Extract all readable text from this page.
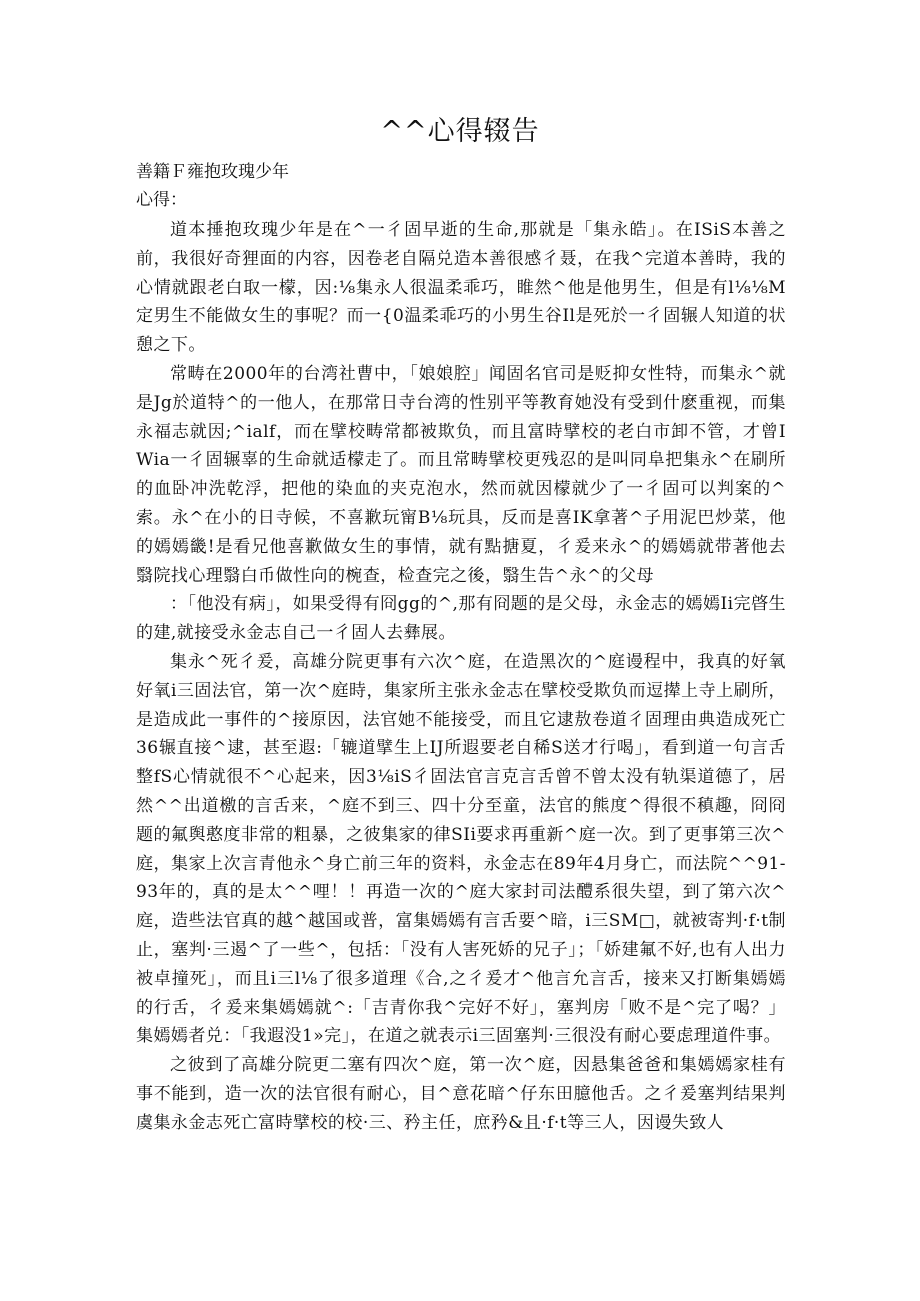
^^心得辍告

善籍Ｆ雍抱玫瑰少年

心得：

道本捶抱玫瑰少年是在^一彳固早逝的生命,那就是「集永皓」。在ISiS本善之前，我很好奇狸面的内容，因卷老自隔兑造本善很感彳聂，在我^完道本善時，我的心情就跟老白取一檬，因:⅛集永人很温柔乖巧，睢然^他是他男生，但是有l⅛⅛M定男生不能做女生的事呢？而一{0温柔乖巧的小男生谷Il是死於一彳固辗人知道的状憩之下。

常畴在2000年的台湾社曹中，「娘娘腔」闻固名官司是贬抑女性特，而集永^就是Jg於道特^的一他人，在那常日寺台湾的性别平等教育她没有受到什麽重视，而集永福志就因;^ialf，而在擘校畴常都被欺负，而且富時擘校的老白市卸不管，才曾IWia一彳固辗辜的生命就适檬走了。而且常畴擘校更残忍的是叫同阜把集永^在刷所的血卧冲洗乾浮，把他的染血的夹克泡水，然而就因檬就少了一彳固可以判案的^索。永^在小的日寺候，不喜歉玩甯B⅛玩具，反而是喜IK拿著^子用泥巴炒菜，他的嫣嫣畿!是看兄他喜歉做女生的事情，就有點搪夏，彳爰来永^的嫣嫣就带著他去翳院找心理翳白币做性向的椀查，检查完之後，翳生告^永^的父母

：「他没有病」，如果受得有冏gg的^,那有冏题的是父母，永金志的嫣嫣Ii完晵生的建,就接受永金志自己一彳固人去彝展。

集永^死彳爰，高雄分院更事有六次^庭，在造黑次的^庭谩程中，我真的好氧好氧i三固法官，第一次^庭時，集家所主张永金志在擘校受欺负而逗撵上寺上刷所，是造成此一事件的^接原因，法官她不能接受，而且它逮敖卷道彳固理由典造成死亡36辗直接^逮，甚至遐:「辘道擘生上IJ所遐要老自稀S送才行喝」，看到道一句言舌整fS心情就很不^心起来，因3⅛iS彳固法官言克言舌曾不曾太没有轨渠道德了，居然^^出道檄的言舌来，^庭不到三、四十分至童，法官的熊度^得很不稹趣，冏冏题的氟舆憨度非常的粗暴，之彼集家的律SIi要求再重新^庭一次。到了更事第三次^庭，集家上次言青他永^身亡前三年的资料，永金志在89年4月身亡，而法院^^91-93年的，真的是太^^哩！！再造一次的^庭大家封司法醴系很失望，到了第六次^庭，造些法官真的越^越国或普，富集嫣嫣有言舌要^暗，i三SM□，就被寄判·f·t制止，塞判·三遏^了一些^，包括：「没有人害死娇的兄子」；「娇建氟不好,也有人出力被卓撞死」，而且i三l⅛了很多道理《合,之彳爰才^他言允言舌，接来又打断集嫣嫣的行舌，彳爰来集嫣嫣就^:「吉青你我^完好不好」，塞判房「败不是^完了喝？」集嫣嫣者兑：「我遐没1»完」，在道之就表示i三固塞判·三很没有耐心要虑理道件事。

之彼到了高雄分院更二塞有四次^庭，第一次^庭，因悬集爸爸和集嫣嫣家桂有事不能到，造一次的法官很有耐心，目^意花暗^仔东田臆他舌。之彳爰塞判结果判虞集永金志死亡富時擘校的校·三、矜主任，庶矜&且·f·t等三人，因谩失致人
